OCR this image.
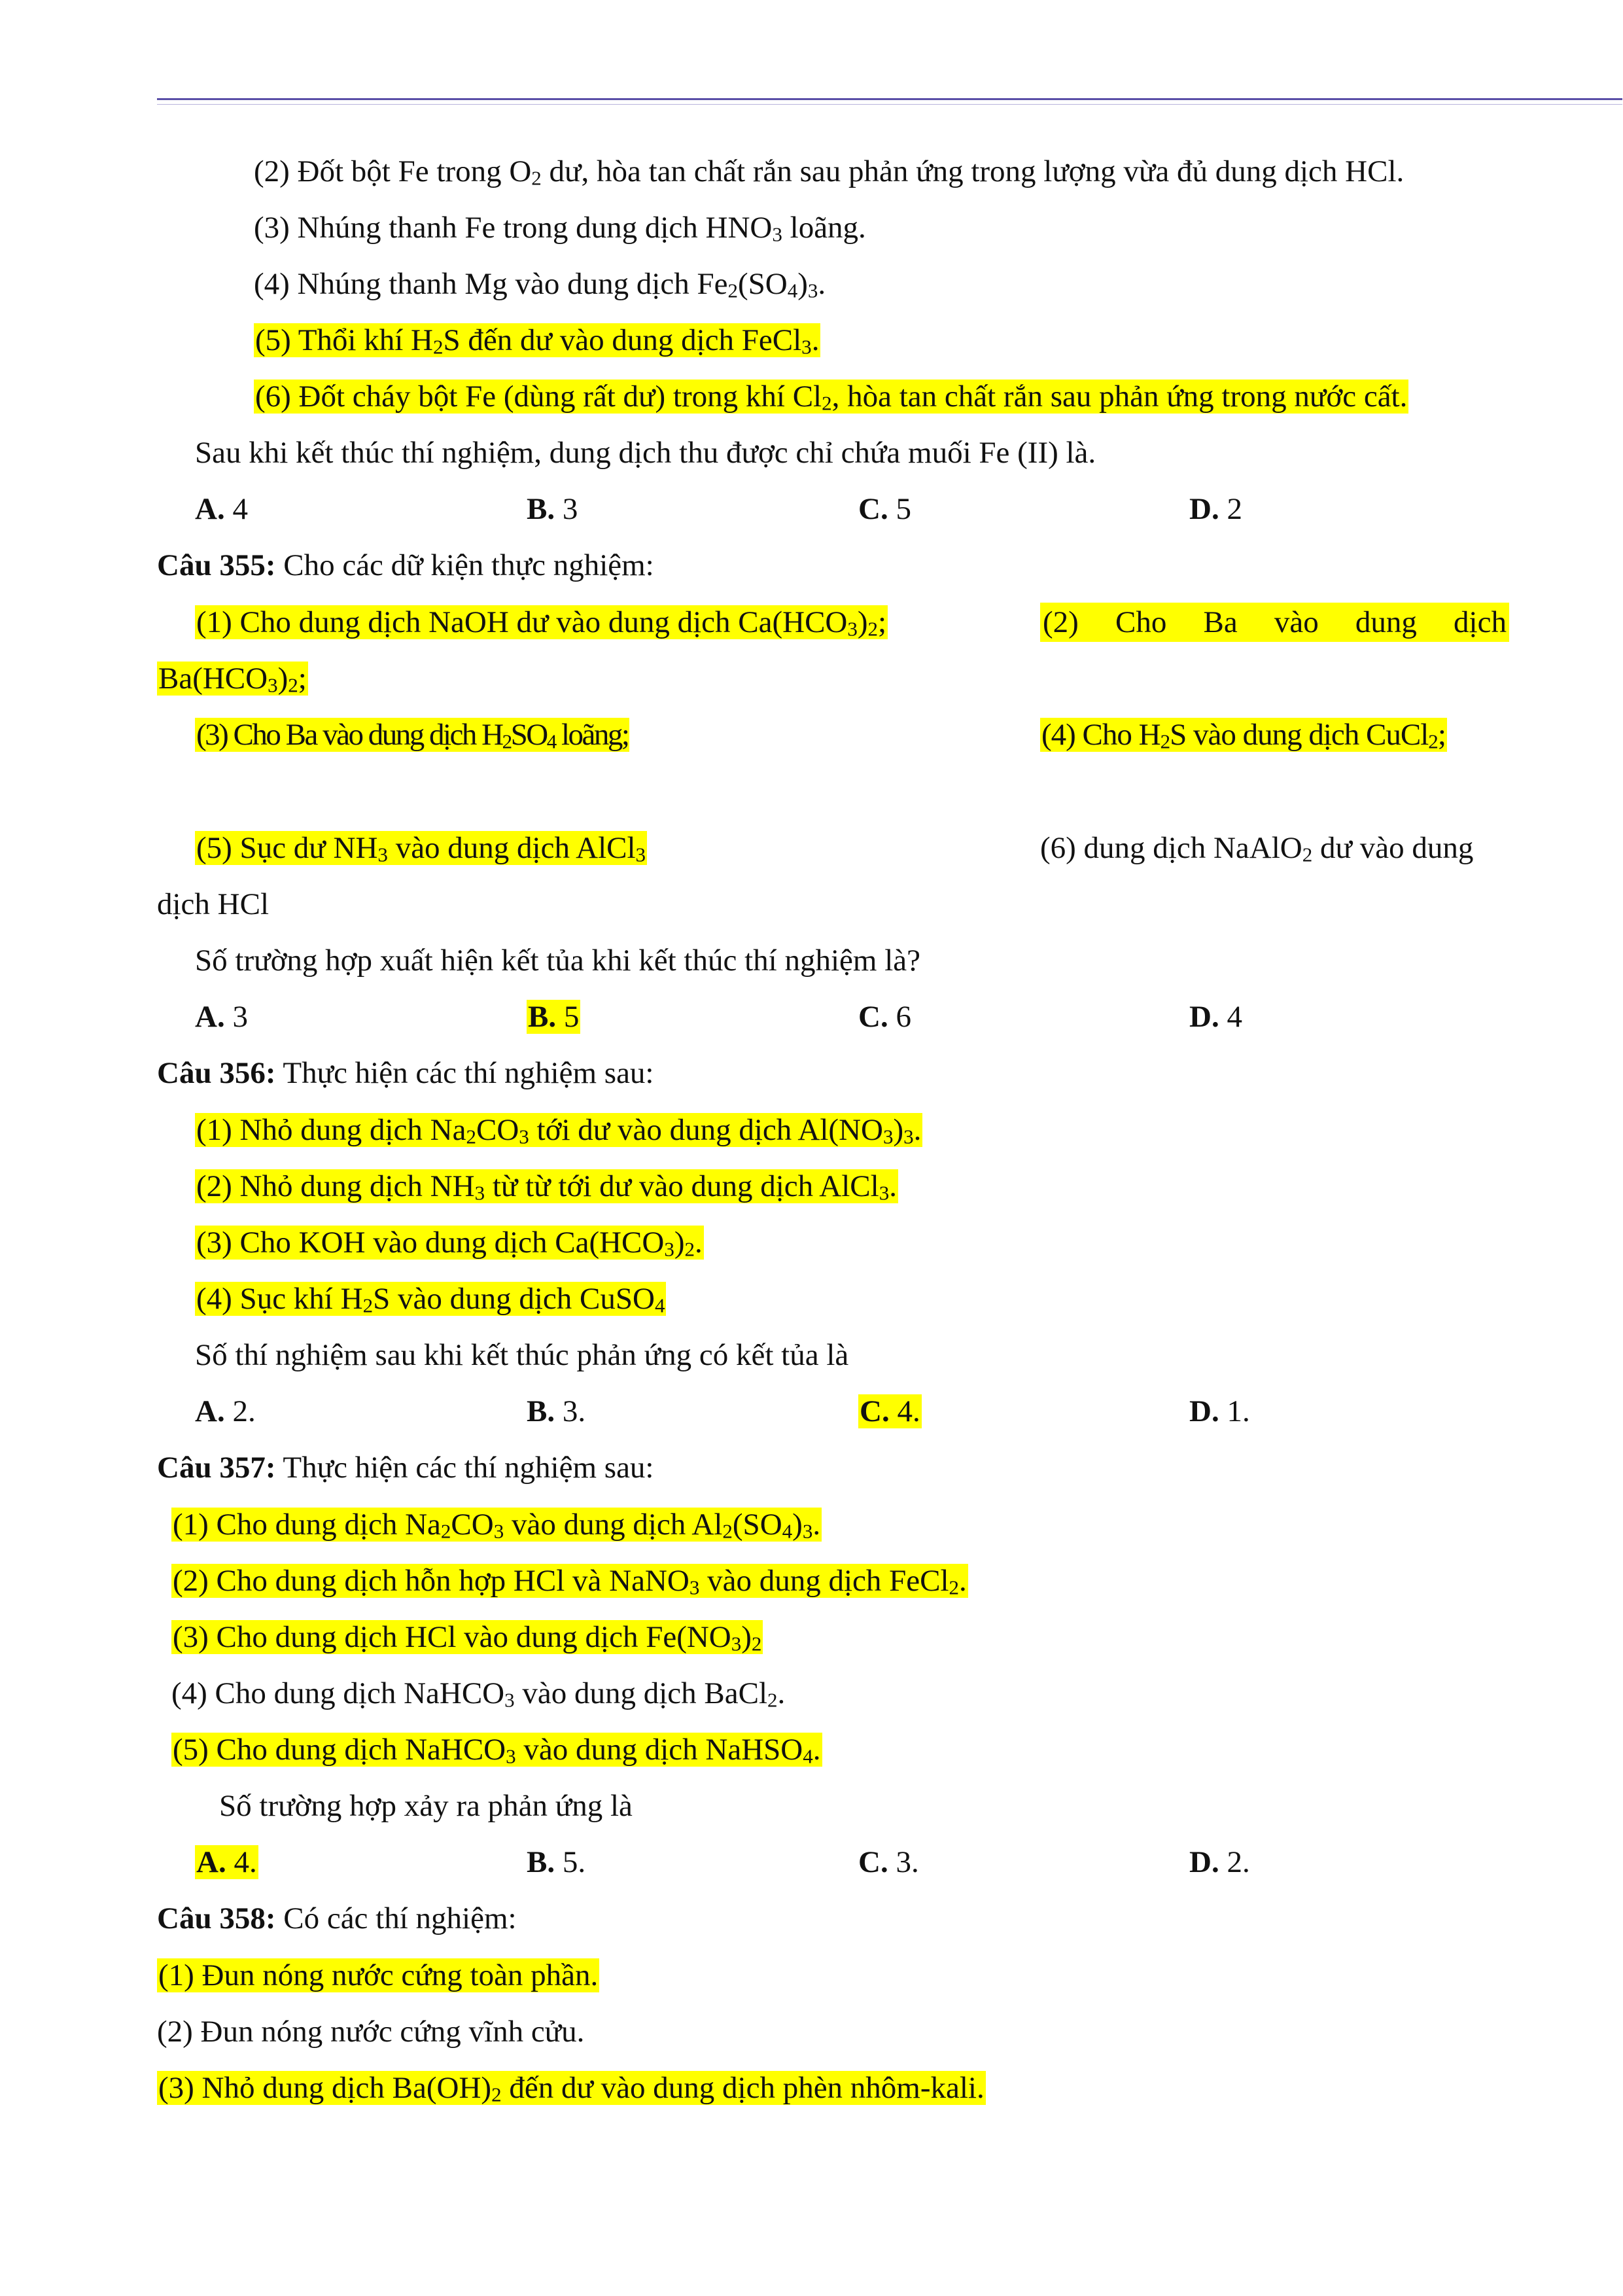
(2) Đốt bột Fe trong $O_2$ dư, hòa tan chất rắn sau phản ứng trong lượng vừa đủ dung dịch HCl.
(3) Nhúng thanh Fe trong dung dịch $HNO_3$ loãng.
(4) Nhúng thanh Mg vào dung dịch $Fe_2(SO_4)_3$.
(5) Thổi khí $H_2S$ đến dư vào dung dịch FeCl$_3$.
(6) Đốt cháy bột Fe (dùng rất dư) trong khí $Cl_2$, hòa tan chất rắn sau phản ứng trong nước cất.
Sau khi kết thúc thí nghiệm, dung dịch thu được chỉ chứa muối Fe (II) là.
A. 4	B. 3	C. 5	D. 2
Câu 355: Cho các dữ kiện thực nghiệm:
(1) Cho dung dịch NaOH dư vào dung dịch $Ca(HCO_3)_2$;	(2) Cho Ba vào dung dịch
$Ba(HCO_3)_2$;
(3) Cho Ba vào dung dịch $H_2SO_4$ loãng;	(4) Cho $H_2S$ vào dung dịch CuCl$_2$;
(5) Sục dư $NH_3$ vào dung dịch AlCl$_3$	(6) dung dịch NaAlO$_2$ dư vào dung
dịch HCl
Số trường hợp xuất hiện kết tủa khi kết thúc thí nghiệm là?
A. 3	B. 5	C. 6	D. 4
Câu 356: Thực hiện các thí nghiệm sau:
(1) Nhỏ dung dịch $Na_2CO_3$ tới dư vào dung dịch $Al(NO_3)_3$.
(2) Nhỏ dung dịch $NH_3$ từ từ tới dư vào dung dịch AlCl$_3$.
(3) Cho KOH vào dung dịch $Ca(HCO_3)_2$.
(4) Sục khí $H_2S$ vào dung dịch CuSO$_4$
Số thí nghiệm sau khi kết thúc phản ứng có kết tủa là
A. 2.	B. 3.	C. 4.	D. 1.
Câu 357: Thực hiện các thí nghiệm sau:
(1) Cho dung dịch $Na_2CO_3$ vào dung dịch $Al_2(SO_4)_3$.
(2) Cho dung dịch hỗn hợp HCl và NaNO$_3$ vào dung dịch FeCl$_2$.
(3) Cho dung dịch HCl vào dung dịch $Fe(NO_3)_2$
(4) Cho dung dịch NaHCO$_3$ vào dung dịch BaCl$_2$.
(5) Cho dung dịch NaHCO$_3$ vào dung dịch NaHSO$_4$.
Số trường hợp xảy ra phản ứng là
A. 4.	B. 5.	C. 3.	D. 2.
Câu 358: Có các thí nghiệm:
(1) Đun nóng nước cứng toàn phần.
(2) Đun nóng nước cứng vĩnh cửu.
(3) Nhỏ dung dịch $Ba(OH)_2$ đến dư vào dung dịch phèn nhôm-kali.
